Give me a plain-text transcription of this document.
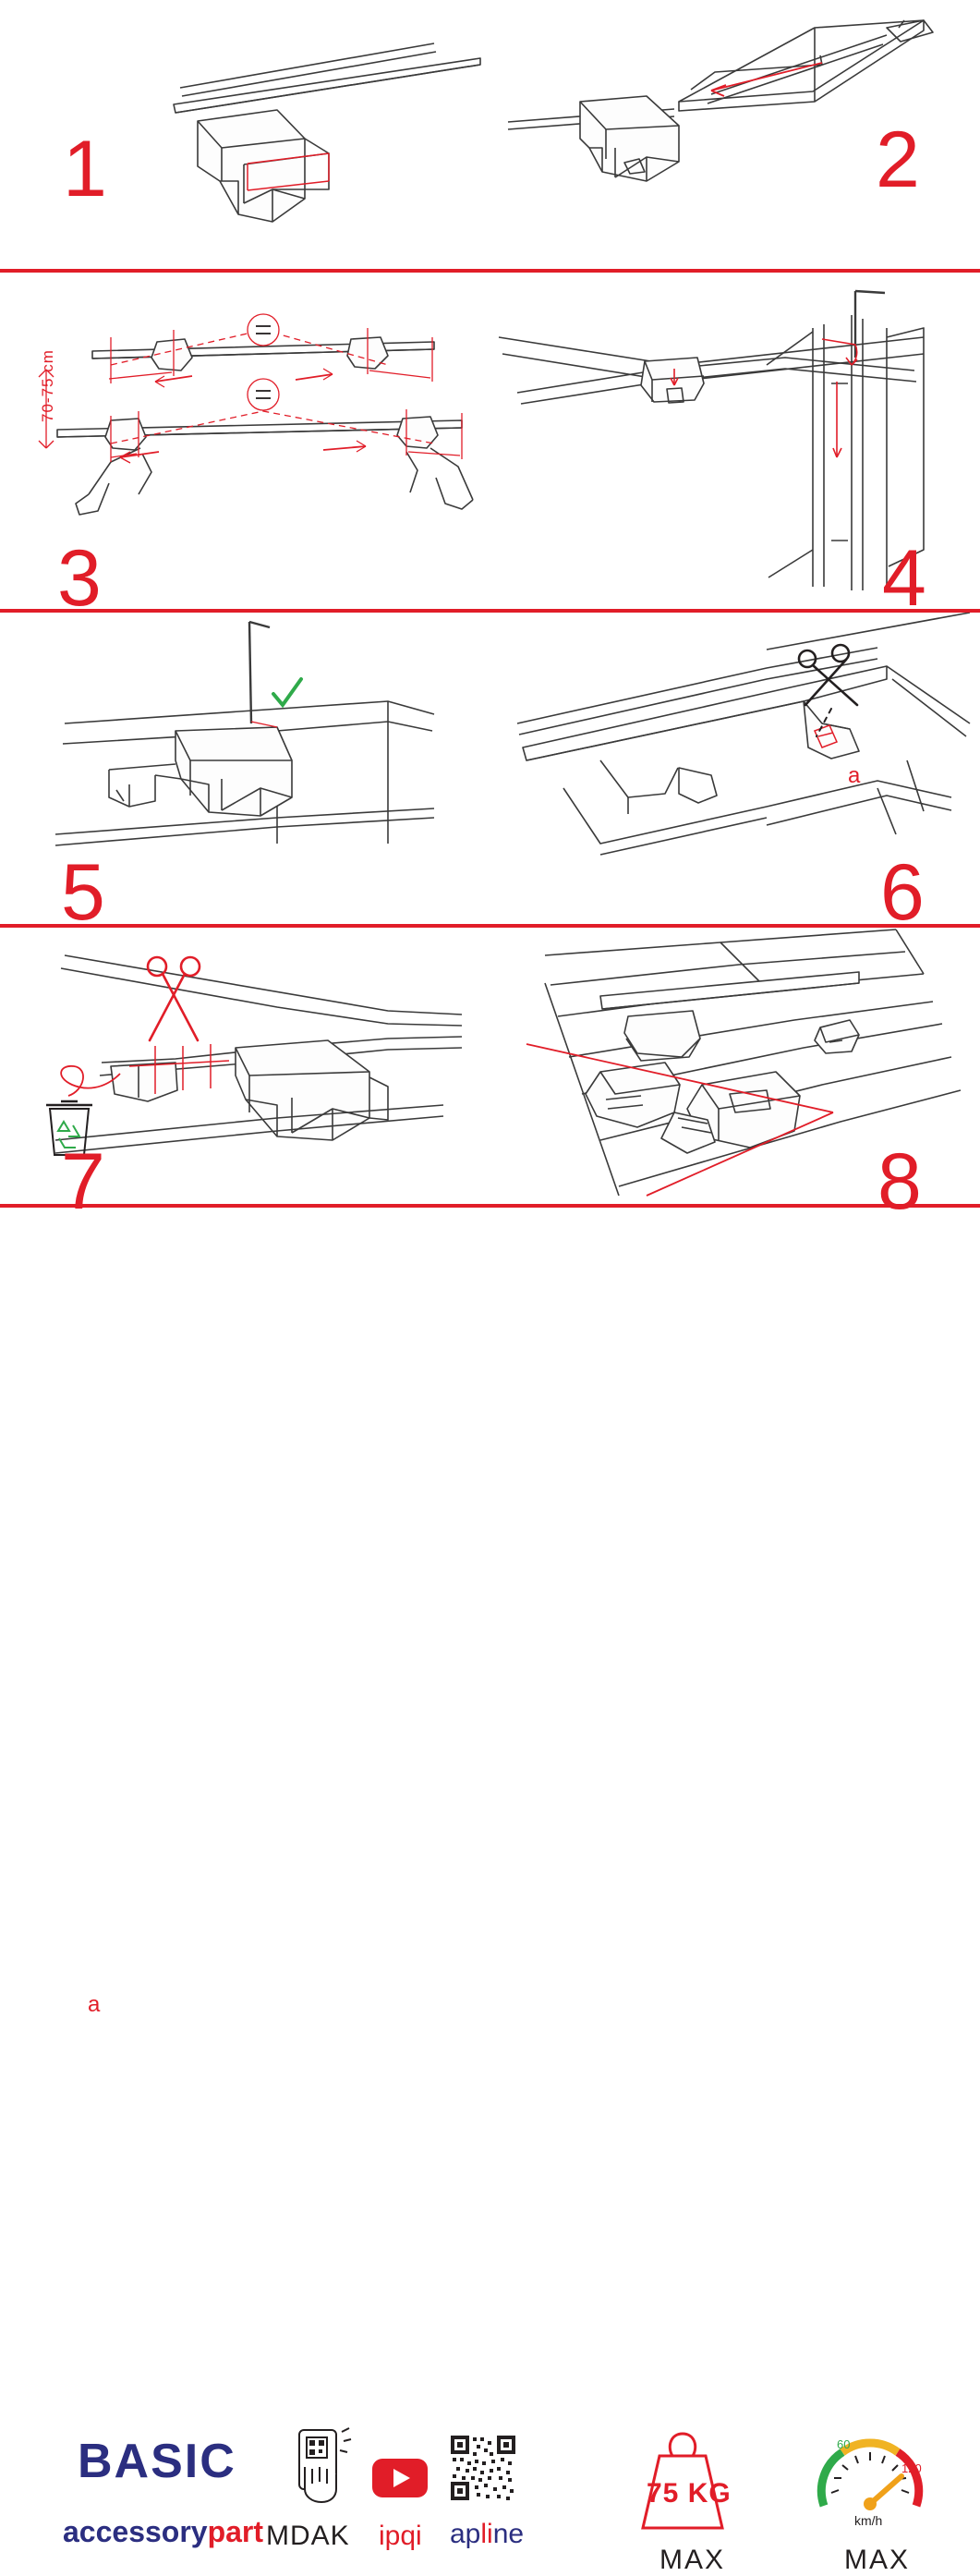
1	2
70-75 cm
3	4
5
a
6
a
7	8
BASIC
accessorypart MDAK ipqi apline
75 KG
MAX
60
120
km/h
MAX
